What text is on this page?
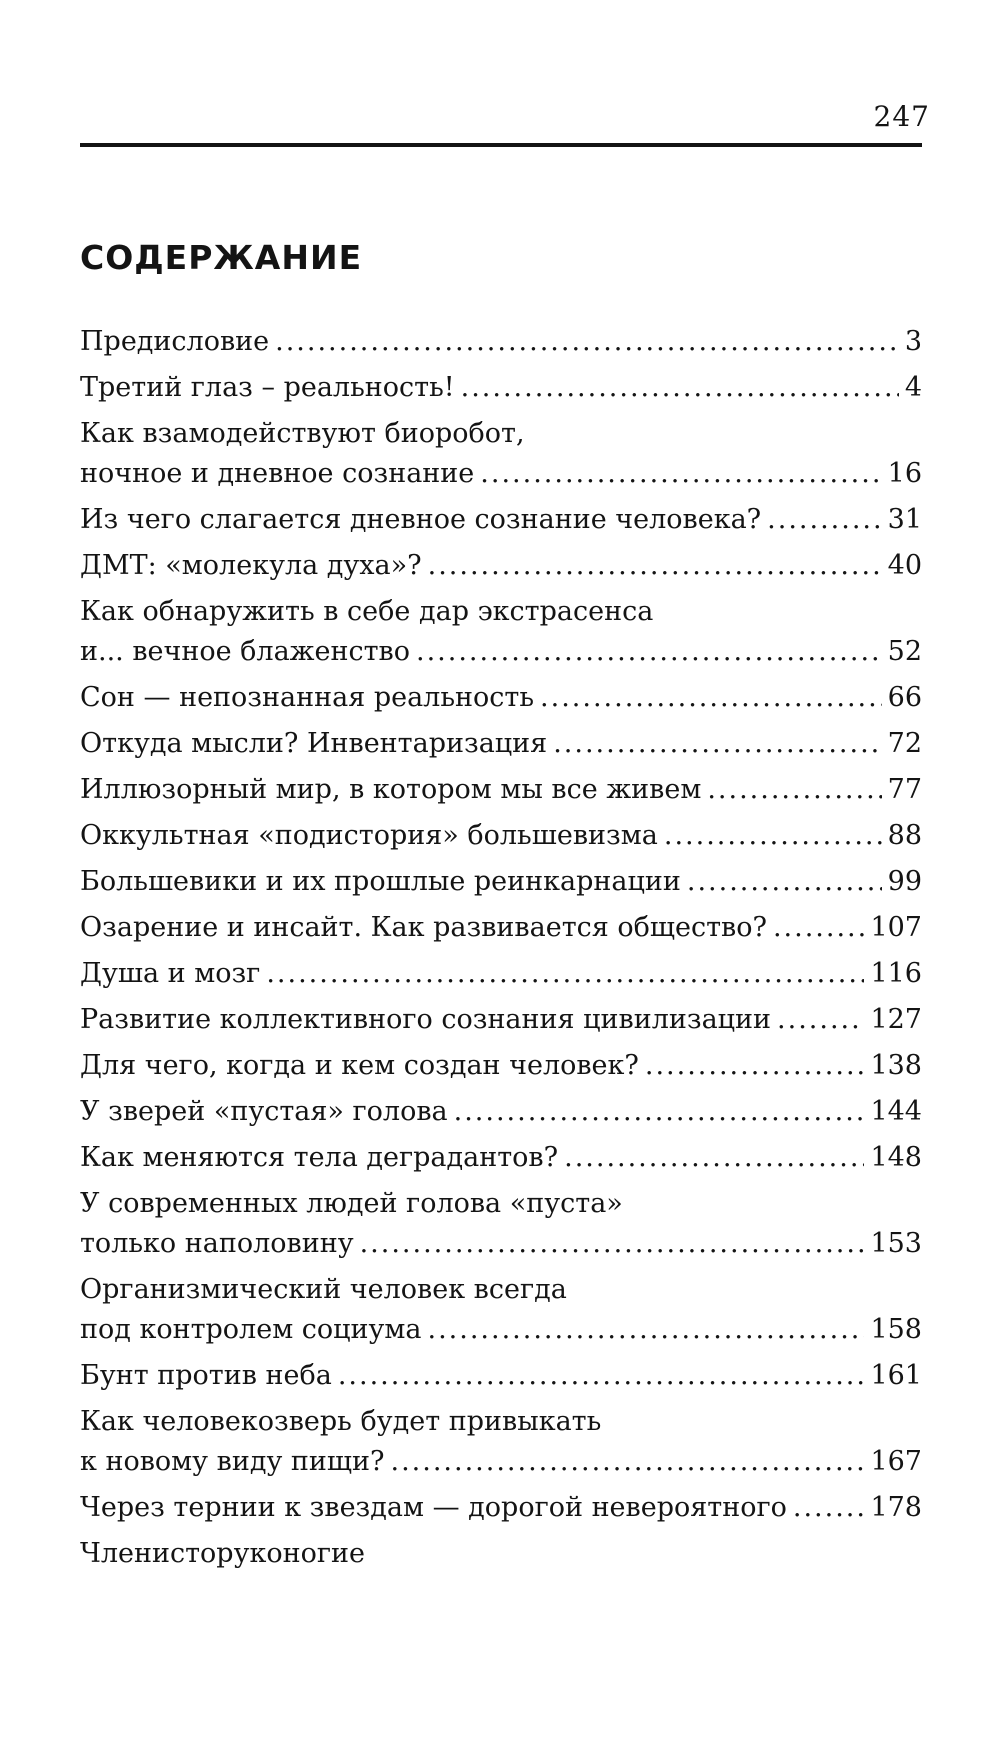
247
СОДЕРЖАНИЕ
Предисловие .....	3
Третий глаз – реальность! .....	4
Как взамодействуют биоробот,
ночное и дневное сознание .....	16
Из чего слагается дневное сознание человека? .....	31
ДМТ: «молекула духа»? .....	40
Как обнаружить в себе дар экстрасенса
и... вечное блаженство .....	52
Сон — непознанная реальность .....	66
Откуда мысли? Инвентаризация .....	72
Иллюзорный мир, в котором мы все живем .....	77
Оккультная «подистория» большевизма .....	88
Большевики и их прошлые реинкарнации .....	99
Озарение и инсайт. Как развивается общество? .....	107
Душа и мозг .....	116
Развитие коллективного сознания цивилизации .....	127
Для чего, когда и кем создан человек? .....	138
У зверей «пустая» голова .....	144
Как меняются тела деградантов? .....	148
У современных людей голова «пуста»
только наполовину .....	153
Организмический человек всегда
под контролем социума .....	158
Бунт против неба .....	161
Как человекозверь будет привыкать
к новому виду пищи? .....	167
Через тернии к звездам — дорогой невероятного .....	178
Членисторуконогие
